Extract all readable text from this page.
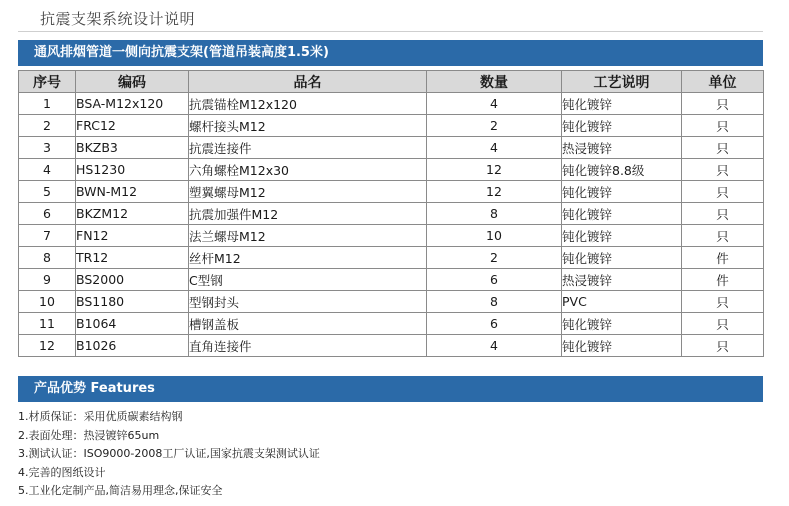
抗震支架系统设计说明
通风排烟管道一侧向抗震支架(管道吊装高度1.5米)
序号	编码	品名	数量	工艺说明	单位
1	BSA-M12x120	抗震锚栓M12x120	4	钝化镀锌	只
2	FRC12	螺杆接头M12	2	钝化镀锌	只
3	BKZB3	抗震连接件	4	热浸镀锌	只
4	HS1230	六角螺栓M12x30	12	钝化镀锌8.8级	只
5	BWN-M12	塑翼螺母M12	12	钝化镀锌	只
6	BKZM12	抗震加强件M12	8	钝化镀锌	只
7	FN12	法兰螺母M12	10	钝化镀锌	只
8	TR12	丝杆M12	2	钝化镀锌	件
9	BS2000	C型钢	6	热浸镀锌	件
10	BS1180	型钢封头	8	PVC	只
11	B1064	槽钢盖板	6	钝化镀锌	只
12	B1026	直角连接件	4	钝化镀锌	只
产品优势 Features
1.材质保证：采用优质碳素结构钢
2.表面处理：热浸镀锌65um
3.测试认证：ISO9000-2008工厂认证,国家抗震支架测试认证
4.完善的图纸设计
5.工业化定制产品,简洁易用理念,保证安全
